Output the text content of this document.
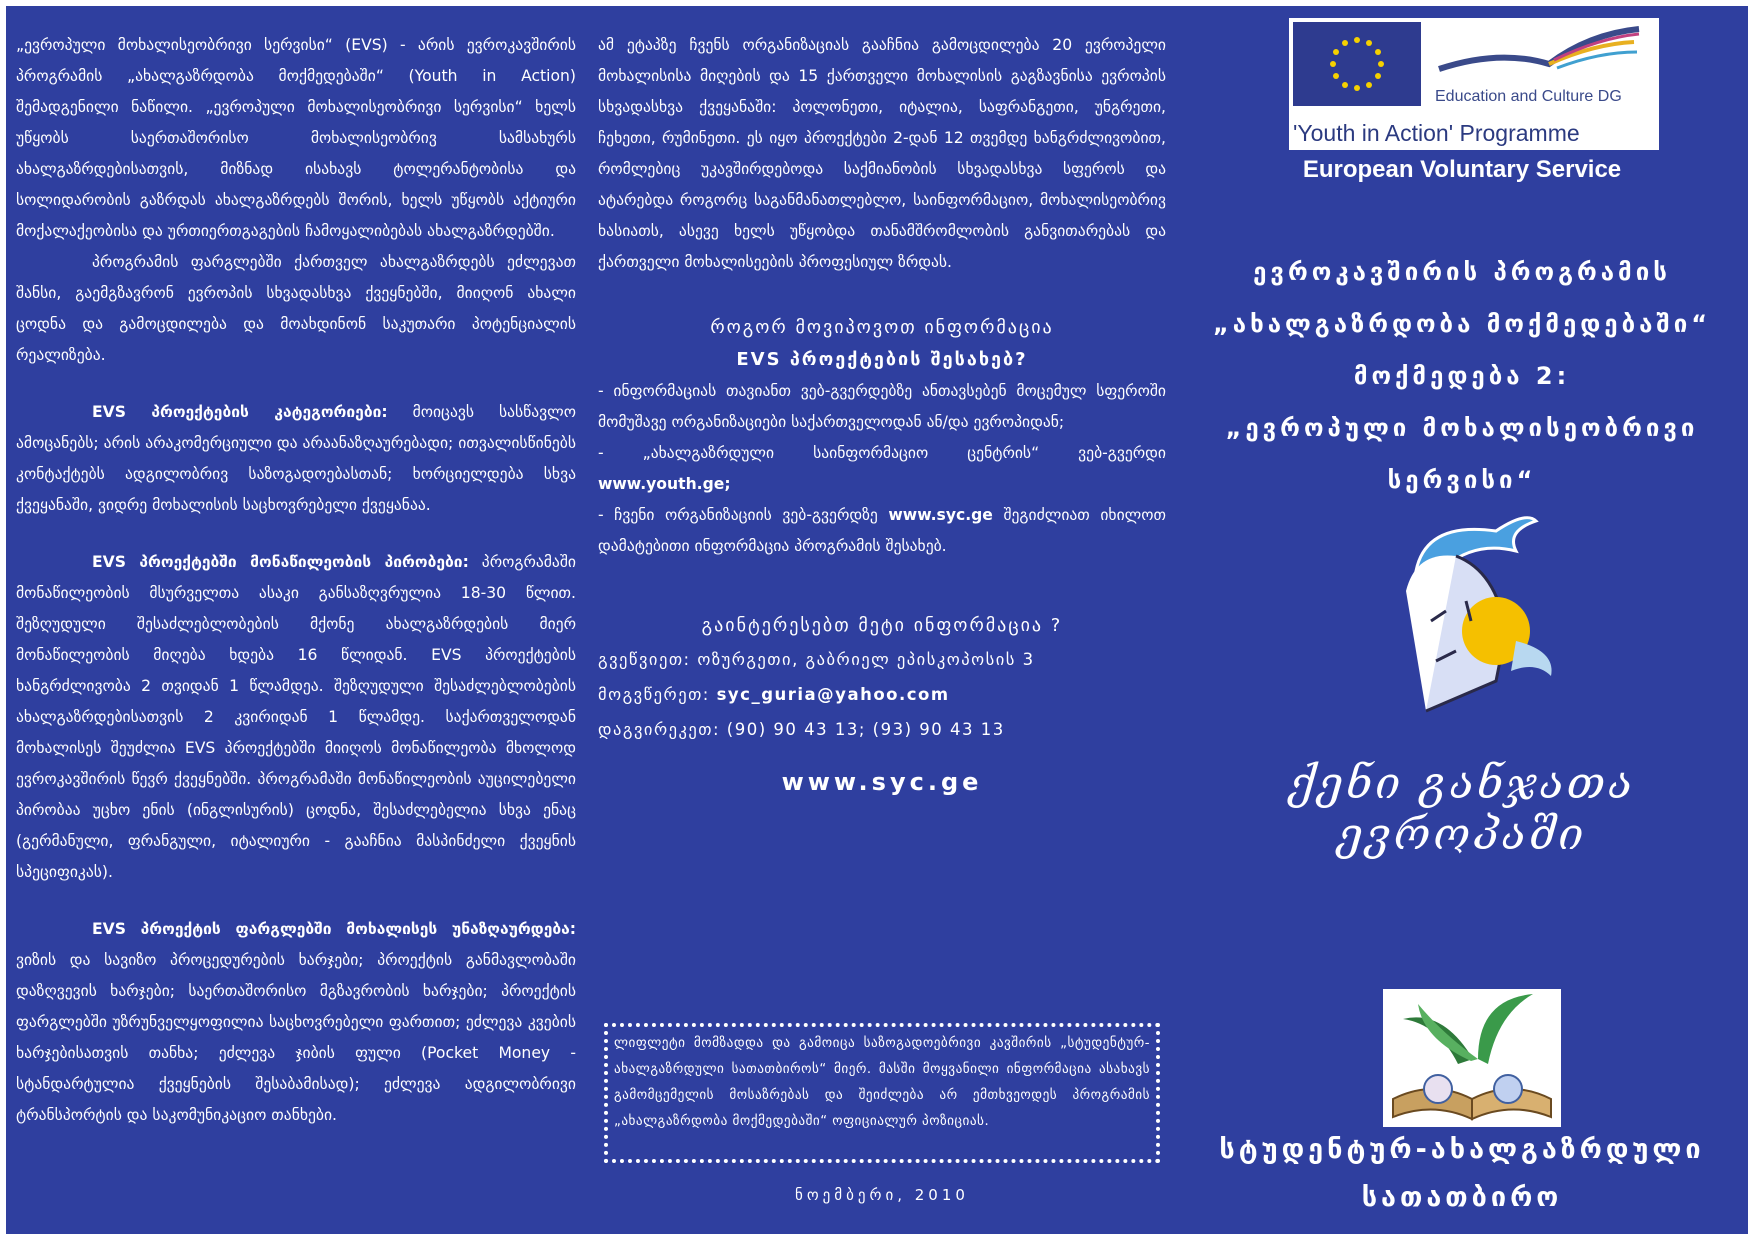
„ევროპული მოხალისეობრივი სერვისი“ (EVS) - არის ევროკავშირის პროგრამის „ახალგაზრდობა მოქმედებაში“ (Youth in Action) შემადგენილი ნაწილი. „ევროპული მოხალისეობრივი სერვისი“ ხელს უწყობს საერთაშორისო მოხალისეობრივ სამსახურს ახალგაზრდებისათვის, მიზნად ისახავს ტოლერანტობისა და სოლიდარობის გაზრდას ახალგაზრდებს შორის, ხელს უწყობს აქტიური მოქალაქეობისა და ურთიერთგაგების ჩამოყალიბებას ახალგაზრდებში.

პროგრამის ფარგლებში ქართველ ახალგაზრდებს ეძლევათ შანსი, გაემგზავრონ ევროპის სხვადასხვა ქვეყნებში, მიიღონ ახალი ცოდნა და გამოცდილება და მოახდინონ საკუთარი პოტენციალის რეალიზება.

EVS პროექტების კატეგორიები: მოიცავს სასწავლო ამოცანებს; არის არაკომერციული და არაანაზღაურებადი; ითვალისწინებს კონტაქტებს ადგილობრივ საზოგადოებასთან; ხორციელდება სხვა ქვეყანაში, ვიდრე მოხალისის საცხოვრებელი ქვეყანაა.

EVS პროექტებში მონაწილეობის პირობები: პროგრამაში მონაწილეობის მსურველთა ასაკი განსაზღვრულია 18-30 წლით. შეზღუდული შესაძლებლობების მქონე ახალგაზრდების მიერ მონაწილეობის მიღება ხდება 16 წლიდან. EVS პროექტების ხანგრძლივობა 2 თვიდან 1 წლამდეა. შეზღუდული შესაძლებლობების ახალგაზრდებისათვის 2 კვირიდან 1 წლამდე. საქართველოდან მოხალისეს შეუძლია EVS პროექტებში მიიღოს მონაწილეობა მხოლოდ ევროკავშირის წევრ ქვეყნებში. პროგრამაში მონაწილეობის აუცილებელი პირობაა უცხო ენის (ინგლისურის) ცოდნა, შესაძლებელია სხვა ენაც (გერმანული, ფრანგული, იტალიური - გააჩნია მასპინძელი ქვეყნის სპეციფიკას).

EVS პროექტის ფარგლებში მოხალისეს უნაზღაურდება: ვიზის და სავიზო პროცედურების ხარჯები; პროექტის განმავლობაში დაზღვევის ხარჯები; საერთაშორისო მგზავრობის ხარჯები; პროექტის ფარგლებში უზრუნველყოფილია საცხოვრებელი ფართით; ეძლევა კვების ხარჯებისათვის თანხა; ეძლევა ჯიბის ფული (Pocket Money - სტანდარტულია ქვეყნების შესაბამისად); ეძლევა ადგილობრივი ტრანსპორტის და საკომუნიკაციო თანხები.

ამ ეტაპზე ჩვენს ორგანიზაციას გააჩნია გამოცდილება 20 ევროპელი მოხალისისა მიღების და 15 ქართველი მოხალისის გაგზავნისა ევროპის სხვადასხვა ქვეყანაში: პოლონეთი, იტალია, საფრანგეთი, უნგრეთი, ჩეხეთი, რუმინეთი. ეს იყო პროექტები 2-დან 12 თვემდე ხანგრძლივობით, რომლებიც უკავშირდებოდა საქმიანობის სხვადასხვა სფეროს და ატარებდა როგორც საგანმანათლებლო, საინფორმაციო, მოხალისეობრივ ხასიათს, ასევე ხელს უწყობდა თანამშრომლობის განვითარებას და ქართველი მოხალისეების პროფესიულ ზრდას.

როგორ მოვიპოვოთ ინფორმაცია

EVS პროექტების შესახებ?

- ინფორმაციას თავიანთ ვებ-გვერდებზე ანთავსებენ მოცემულ სფეროში მომუშავე ორგანიზაციები საქართველოდან ან/და ევროპიდან;

- „ახალგაზრდული საინფორმაციო ცენტრის“ ვებ-გვერდი www.youth.ge;

- ჩვენი ორგანიზაციის ვებ-გვერდზე www.syc.ge შეგიძლიათ იხილოთ დამატებითი ინფორმაცია პროგრამის შესახებ.

გაინტერესებთ მეტი ინფორმაცია ?

გვეწვიეთ: ოზურგეთი, გაბრიელ ეპისკოპოსის 3

მოგვწერეთ: syc_guria@yahoo.com

დაგვირეკეთ: (90) 90 43 13; (93) 90 43 13

www.syc.ge

ლიფლეტი მომზადდა და გამოიცა საზოგადოებრივი კავშირის „სტუდენტურ-ახალგაზრდული სათათბიროს“ მიერ. მასში მოყვანილი ინფორმაცია ასახავს გამომცემელის მოსაზრებას და შეიძლება არ ემთხვეოდეს პროგრამის „ახალგაზრდობა მოქმედებაში“ ოფიციალურ პოზიციას.

ნოემბერი, 2010
Education and Culture DG
'Youth in Action' Programme
European Voluntary Service
ევროკავშირის პროგრამის
„ახალგაზრდობა მოქმედებაში“
მოქმედება 2:
„ევროპული მოხალისეობრივი
სერვისი“
ქენი განჯათა ევროპაში
სტუდენტურ-ახალგაზრდული
სათათბირო
